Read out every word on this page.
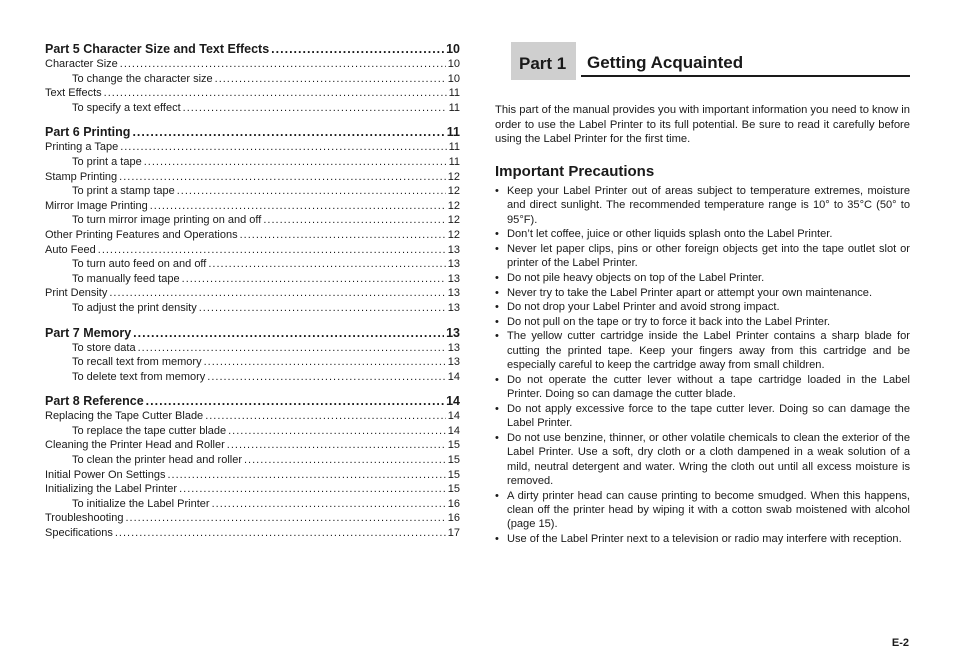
Part 5 Character Size and Text Effects .....	10
Character Size .....	10
To change the character size .....	10
Text Effects .....	11
To specify a text effect .....	11
Part 6 Printing .....	11
Printing a Tape .....	11
To print a tape .....	11
Stamp Printing .....	12
To print a stamp tape .....	12
Mirror Image Printing .....	12
To turn mirror image printing on and off .....	12
Other Printing Features and Operations .....	12
Auto Feed .....	13
To turn auto feed on and off .....	13
To manually feed tape .....	13
Print Density .....	13
To adjust the print density .....	13
Part 7 Memory .....	13
To store data .....	13
To recall text from memory .....	13
To delete text from memory .....	14
Part 8 Reference .....	14
Replacing the Tape Cutter Blade .....	14
To replace the tape cutter blade .....	14
Cleaning the Printer Head and Roller .....	15
To clean the printer head and roller .....	15
Initial Power On Settings .....	15
Initializing the Label Printer .....	15
To initialize the Label Printer .....	16
Troubleshooting .....	16
Specifications .....	17
Part 1	Getting Acquainted

This part of the manual provides you with important information you need to know in order to use the Label Printer to its full potential. Be sure to read it carefully before using the Label Printer for the first time.

Important Precautions
• Keep your Label Printer out of areas subject to temperature extremes, moisture and direct sunlight. The recommended temperature range is 10° to 35°C (50° to 95°F).
• Don’t let coffee, juice or other liquids splash onto the Label Printer.
• Never let paper clips, pins or other foreign objects get into the tape outlet slot or printer of the Label Printer.
• Do not pile heavy objects on top of the Label Printer.
• Never try to take the Label Printer apart or attempt your own maintenance.
• Do not drop your Label Printer and avoid strong impact.
• Do not pull on the tape or try to force it back into the Label Printer.
• The yellow cutter cartridge inside the Label Printer contains a sharp blade for cutting the printed tape. Keep your fingers away from this cartridge and be especially careful to keep the cartridge away from small children.
• Do not operate the cutter lever without a tape cartridge loaded in the Label Printer. Doing so can damage the cutter blade.
• Do not apply excessive force to the tape cutter lever. Doing so can damage the Label Printer.
• Do not use benzine, thinner, or other volatile chemicals to clean the exterior of the Label Printer. Use a soft, dry cloth or a cloth dampened in a weak solution of a mild, neutral detergent and water. Wring the cloth out until all excess moisture is removed.
• A dirty printer head can cause printing to become smudged. When this happens, clean off the printer head by wiping it with a cotton swab moistened with alcohol (page 15).
• Use of the Label Printer next to a television or radio may interfere with reception.
E-2
